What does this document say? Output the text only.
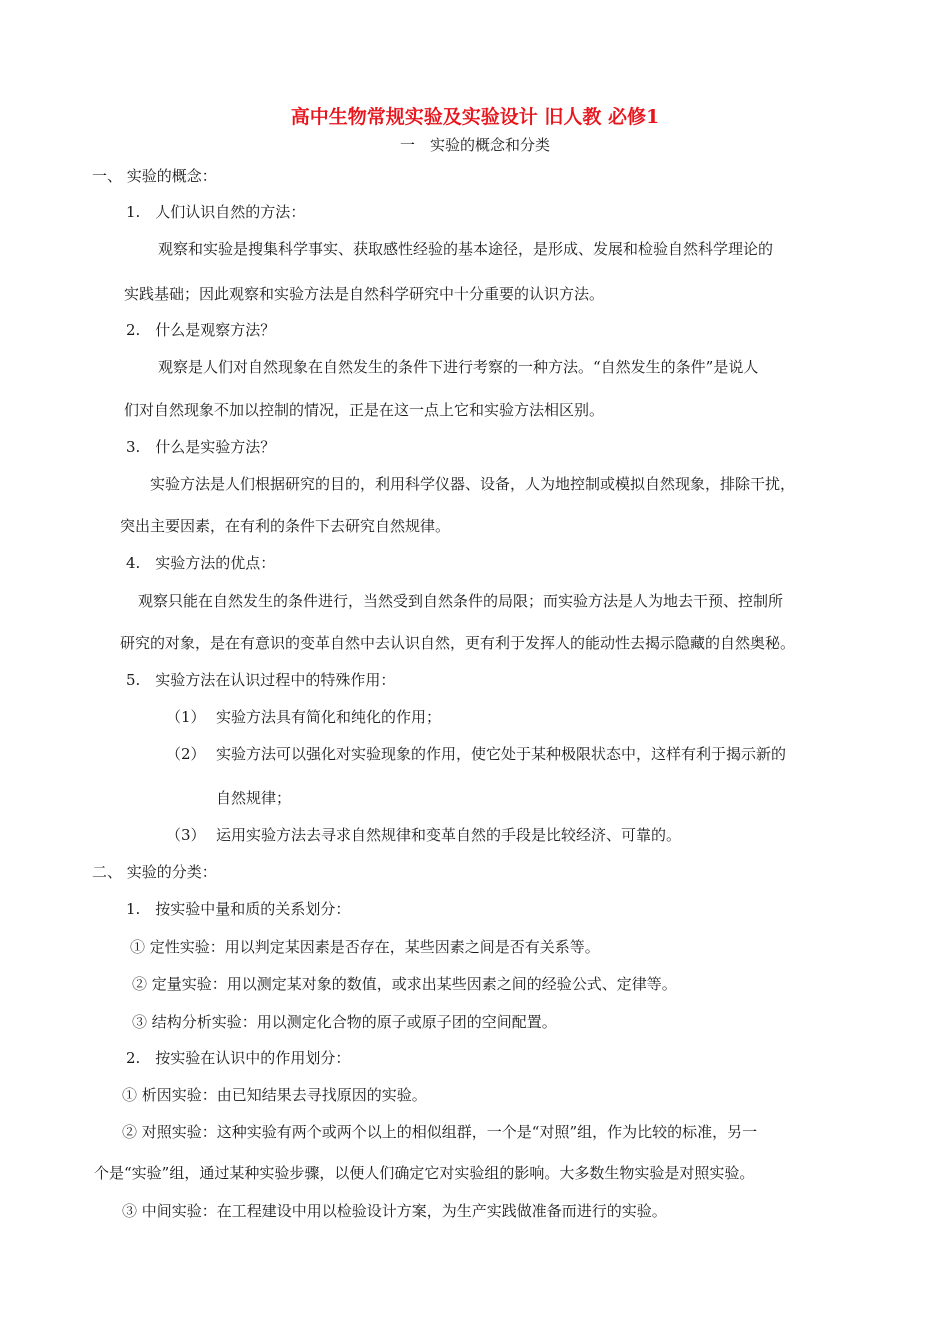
高中生物常规实验及实验设计 旧人教 必修1
一　实验的概念和分类
一、 实验的概念：
1.　人们认识自然的方法：
观察和实验是搜集科学事实、获取感性经验的基本途径，是形成、发展和检验自然科学理论的
实践基础；因此观察和实验方法是自然科学研究中十分重要的认识方法。
2.　什么是观察方法？
观察是人们对自然现象在自然发生的条件下进行考察的一种方法。“自然发生的条件”是说人
们对自然现象不加以控制的情况，正是在这一点上它和实验方法相区别。
3.　什么是实验方法？
实验方法是人们根据研究的目的，利用科学仪器、设备，人为地控制或模拟自然现象，排除干扰，
突出主要因素，在有利的条件下去研究自然规律。
4.　实验方法的优点：
观察只能在自然发生的条件进行，当然受到自然条件的局限；而实验方法是人为地去干预、控制所
研究的对象，是在有意识的变革自然中去认识自然，更有利于发挥人的能动性去揭示隐藏的自然奥秘。
5.　实验方法在认识过程中的特殊作用：
（1） 实验方法具有简化和纯化的作用；
（2） 实验方法可以强化对实验现象的作用，使它处于某种极限状态中，这样有利于揭示新的
自然规律；
（3） 运用实验方法去寻求自然规律和变革自然的手段是比较经济、可靠的。
二、 实验的分类：
1.　按实验中量和质的关系划分：
① 定性实验：用以判定某因素是否存在，某些因素之间是否有关系等。
② 定量实验：用以测定某对象的数值，或求出某些因素之间的经验公式、定律等。
③ 结构分析实验：用以测定化合物的原子或原子团的空间配置。
2.　按实验在认识中的作用划分：
① 析因实验：由已知结果去寻找原因的实验。
② 对照实验：这种实验有两个或两个以上的相似组群，一个是“对照”组，作为比较的标准，另一
个是“实验”组，通过某种实验步骤，以便人们确定它对实验组的影响。大多数生物实验是对照实验。
③ 中间实验：在工程建设中用以检验设计方案，为生产实践做准备而进行的实验。
